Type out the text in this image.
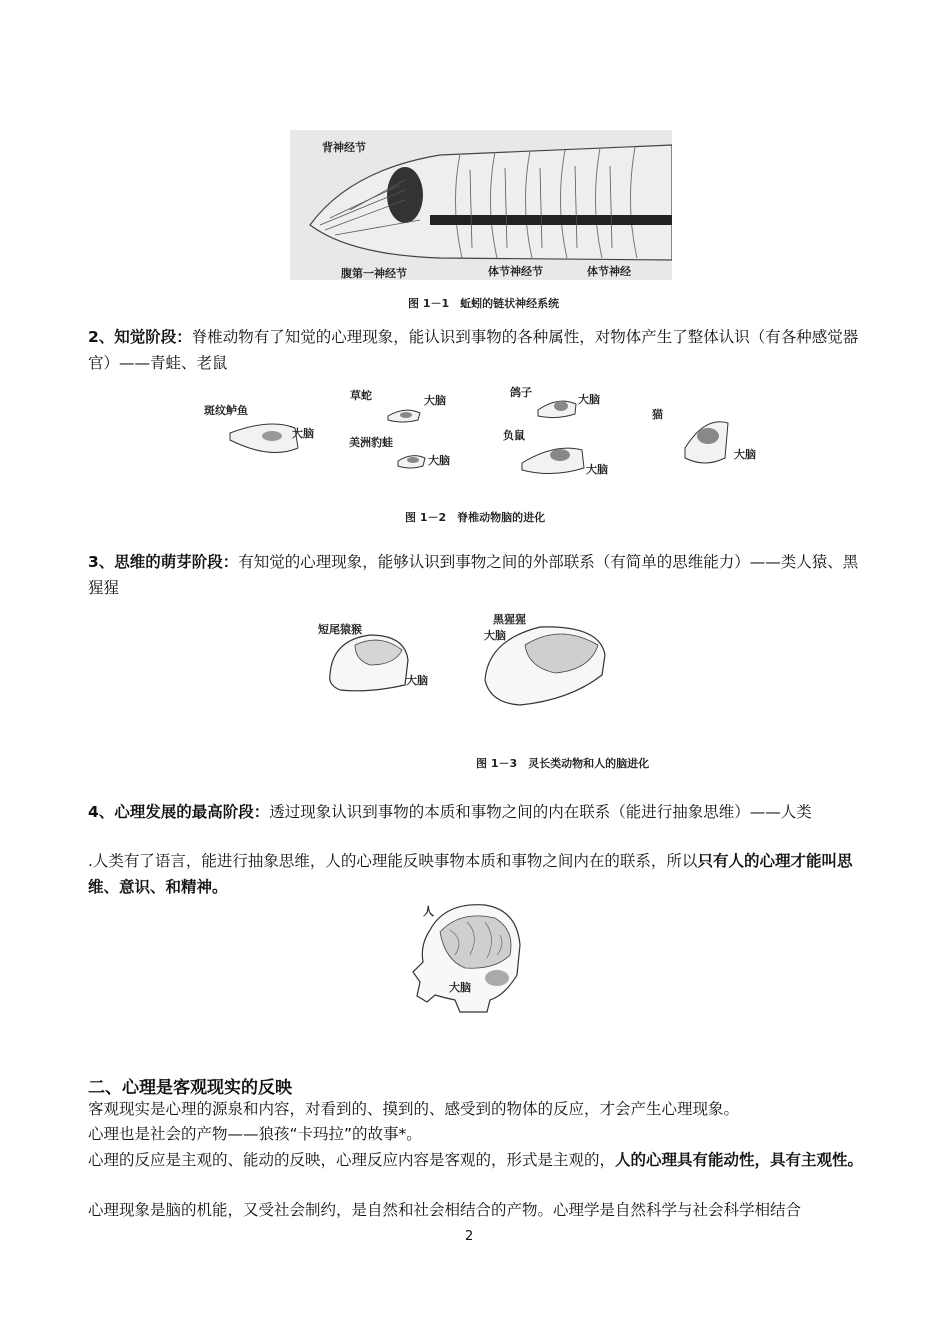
背神经节
腹第一神经节	体节神经节	体节神经
图 1－1　蚯蚓的链状神经系统
2、知觉阶段：脊椎动物有了知觉的心理现象，能认识到事物的各种属性，对物体产生了整体认识（有各种感觉器官）——青蛙、老鼠
斑纹鲈鱼
大脑
草蛇	大脑
美洲豹蛙
大脑
鸽子
大脑
负鼠
大脑
猫
大脑
图 1－2　脊椎动物脑的进化
3、思维的萌芽阶段：有知觉的心理现象，能够认识到事物之间的外部联系（有简单的思维能力）——类人猿、黑猩猩
短尾猿猴
大脑
黑猩猩
大脑
图 1－3　灵长类动物和人的脑进化
4、心理发展的最高阶段：透过现象认识到事物的本质和事物之间的内在联系（能进行抽象思维）——人类
.人类有了语言，能进行抽象思维，人的心理能反映事物本质和事物之间内在的联系，所以只有人的心理才能叫思维、意识、和精神。
人
大脑
二、心理是客观现实的反映
客观现实是心理的源泉和内容，对看到的、摸到的、感受到的物体的反应，才会产生心理现象。
心理也是社会的产物——狼孩“卡玛拉”的故事*。
心理的反应是主观的、能动的反映，心理反应内容是客观的，形式是主观的，人的心理具有能动性，具有主观性。
心理现象是脑的机能，又受社会制约，是自然和社会相结合的产物。心理学是自然科学与社会科学相结合
2
